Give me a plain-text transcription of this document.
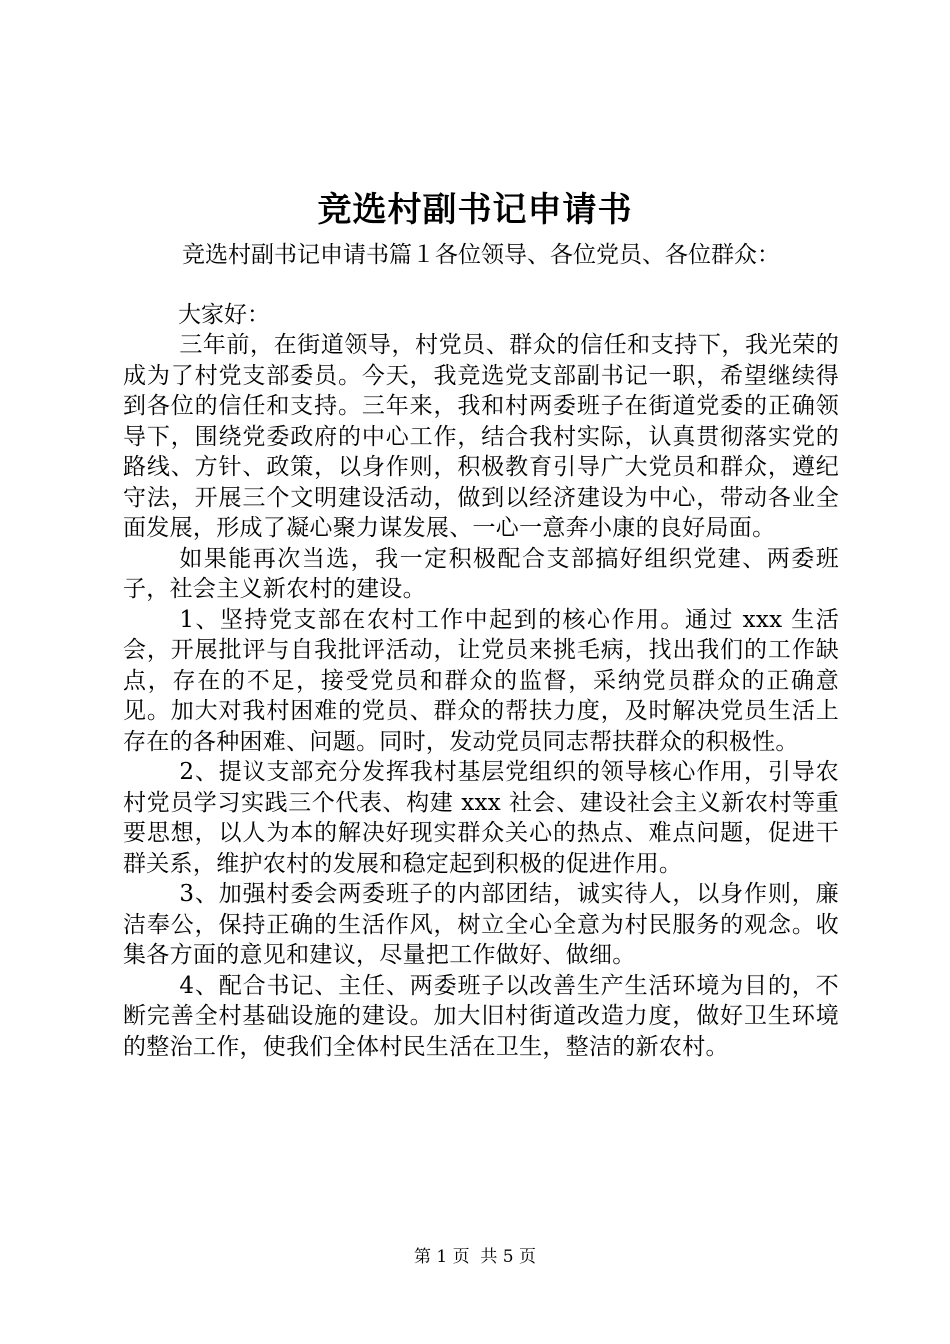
竞选村副书记申请书
竞选村副书记申请书篇１各位领导、各位党员、各位群众：
大家好：

三年前，在街道领导，村党员、群众的信任和支持下，我光荣的成为了村党支部委员。今天，我竞选党支部副书记一职，希望继续得到各位的信任和支持。三年来，我和村两委班子在街道党委的正确领导下，围绕党委政府的中心工作，结合我村实际，认真贯彻落实党的路线、方针、政策，以身作则，积极教育引导广大党员和群众，遵纪守法，开展三个文明建设活动，做到以经济建设为中心，带动各业全面发展，形成了凝心聚力谋发展、一心一意奔小康的良好局面。

如果能再次当选，我一定积极配合支部搞好组织党建、两委班子，社会主义新农村的建设。

1、坚持党支部在农村工作中起到的核心作用。通过 xxx 生活会，开展批评与自我批评活动，让党员来挑毛病，找出我们的工作缺点，存在的不足，接受党员和群众的监督，采纳党员群众的正确意见。加大对我村困难的党员、群众的帮扶力度，及时解决党员生活上存在的各种困难、问题。同时，发动党员同志帮扶群众的积极性。

2、提议支部充分发挥我村基层党组织的领导核心作用，引导农村党员学习实践三个代表、构建 xxx 社会、建设社会主义新农村等重要思想，以人为本的解决好现实群众关心的热点、难点问题，促进干群关系，维护农村的发展和稳定起到积极的促进作用。

3、加强村委会两委班子的内部团结，诚实待人，以身作则，廉洁奉公，保持正确的生活作风，树立全心全意为村民服务的观念。收集各方面的意见和建议，尽量把工作做好、做细。

4、配合书记、主任、两委班子以改善生产生活环境为目的，不断完善全村基础设施的建设。加大旧村街道改造力度，做好卫生环境的整治工作，使我们全体村民生活在卫生，整洁的新农村。

第 1 页  共 5 页
